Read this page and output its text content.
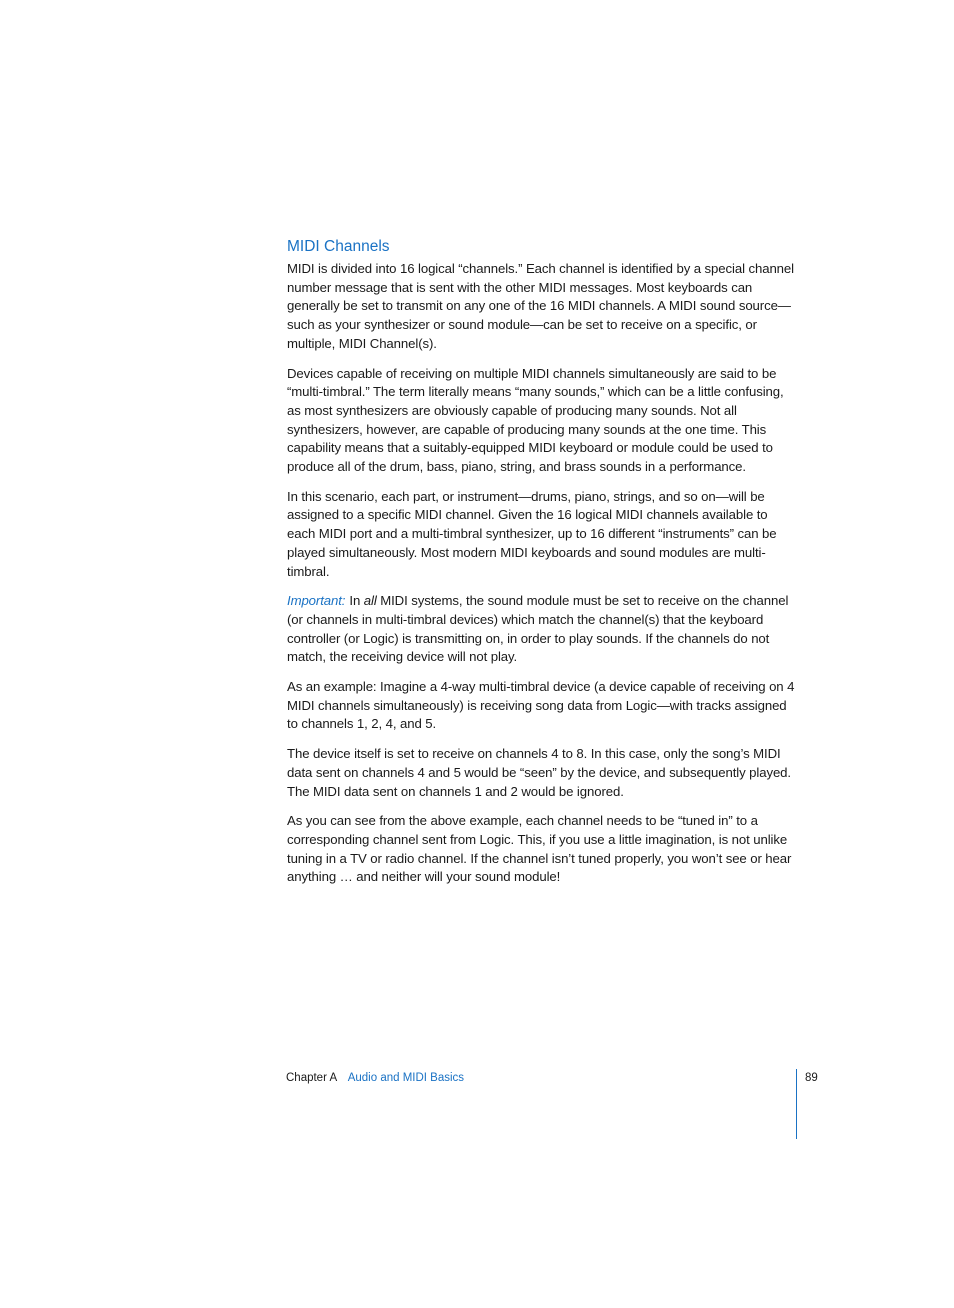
MIDI Channels

MIDI is divided into 16 logical “channels.” Each channel is identified by a special channel number message that is sent with the other MIDI messages. Most keyboards can generally be set to transmit on any one of the 16 MIDI channels. A MIDI sound source—such as your synthesizer or sound module—can be set to receive on a specific, or multiple, MIDI Channel(s).

Devices capable of receiving on multiple MIDI channels simultaneously are said to be “multi-timbral.” The term literally means “many sounds,” which can be a little confusing, as most synthesizers are obviously capable of producing many sounds. Not all synthesizers, however, are capable of producing many sounds at the one time. This capability means that a suitably-equipped MIDI keyboard or module could be used to produce all of the drum, bass, piano, string, and brass sounds in a performance.

In this scenario, each part, or instrument—drums, piano, strings, and so on—will be assigned to a specific MIDI channel. Given the 16 logical MIDI channels available to each MIDI port and a multi-timbral synthesizer, up to 16 different “instruments” can be played simultaneously. Most modern MIDI keyboards and sound modules are multi-timbral.

Important: In all MIDI systems, the sound module must be set to receive on the channel (or channels in multi-timbral devices) which match the channel(s) that the keyboard controller (or Logic) is transmitting on, in order to play sounds. If the channels do not match, the receiving device will not play.

As an example: Imagine a 4-way multi-timbral device (a device capable of receiving on 4 MIDI channels simultaneously) is receiving song data from Logic—with tracks assigned to channels 1, 2, 4, and 5.

The device itself is set to receive on channels 4 to 8. In this case, only the song’s MIDI data sent on channels 4 and 5 would be “seen” by the device, and subsequently played. The MIDI data sent on channels 1 and 2 would be ignored.

As you can see from the above example, each channel needs to be “tuned in” to a corresponding channel sent from Logic. This, if you use a little imagination, is not unlike tuning in a TV or radio channel. If the channel isn’t tuned properly, you won’t see or hear anything … and neither will your sound module!

Chapter A Audio and MIDI Basics	89
